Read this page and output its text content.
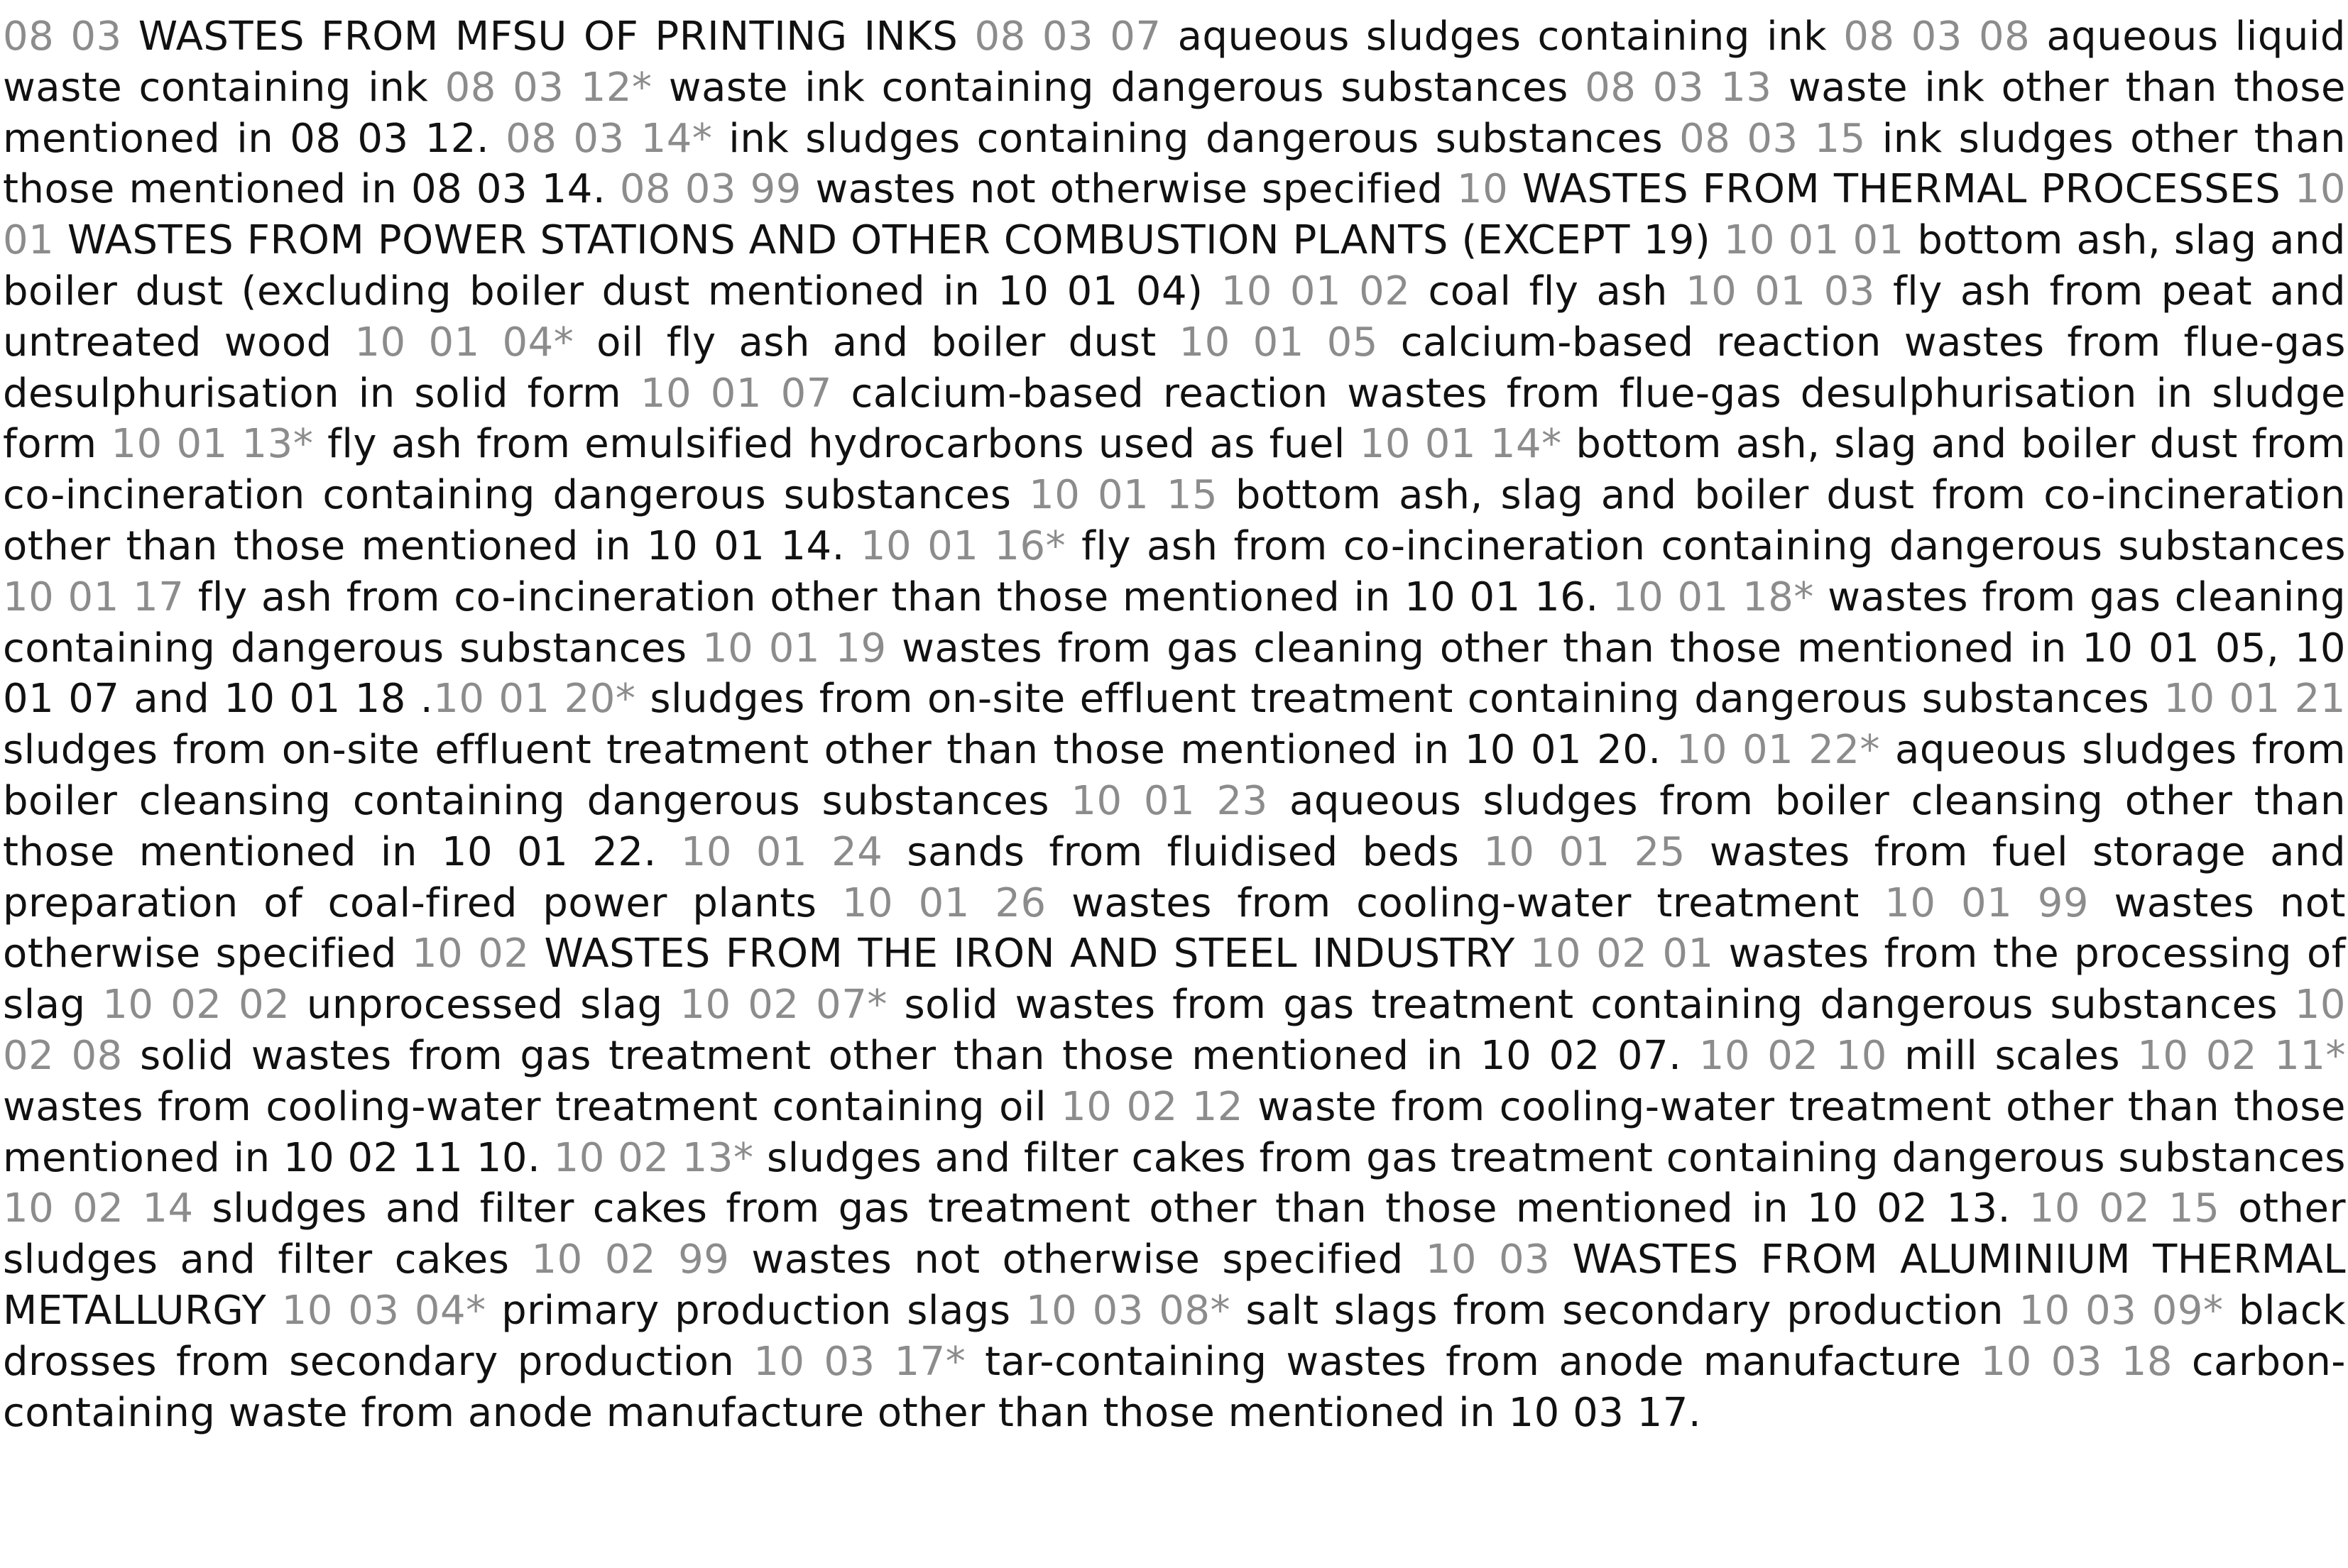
08 03 WASTES FROM MFSU OF PRINTING INKS 08 03 07 aqueous sludges containing ink 08 03 08 aqueous liquid waste containing ink 08 03 12* waste ink containing dangerous substances 08 03 13 waste ink other than those mentioned in 08 03 12. 08 03 14* ink sludges containing dangerous substances 08 03 15 ink sludges other than those mentioned in 08 03 14. 08 03 99 wastes not otherwise specified 10 WASTES FROM THERMAL PROCESSES 10 01 WASTES FROM POWER STATIONS AND OTHER COMBUSTION PLANTS (EXCEPT 19) 10 01 01 bottom ash, slag and boiler dust (excluding boiler dust mentioned in 10 01 04) 10 01 02 coal fly ash 10 01 03 fly ash from peat and untreated wood 10 01 04* oil fly ash and boiler dust 10 01 05 calcium-based reaction wastes from flue-gas desulphurisation in solid form 10 01 07 calcium-based reaction wastes from flue-gas desulphurisation in sludge form 10 01 13* fly ash from emulsified hydrocarbons used as fuel 10 01 14* bottom ash, slag and boiler dust from co-incineration containing dangerous substances 10 01 15 bottom ash, slag and boiler dust from co-incineration other than those mentioned in 10 01 14. 10 01 16* fly ash from co-incineration containing dangerous substances 10 01 17 fly ash from co-incineration other than those mentioned in 10 01 16. 10 01 18* wastes from gas cleaning containing dangerous substances 10 01 19 wastes from gas cleaning other than those mentioned in 10 01 05, 10 01 07 and 10 01 18 .10 01 20* sludges from on-site effluent treatment containing dangerous substances 10 01 21 sludges from on-site effluent treatment other than those mentioned in 10 01 20. 10 01 22* aqueous sludges from boiler cleansing containing dangerous substances 10 01 23 aqueous sludges from boiler cleansing other than those mentioned in 10 01 22. 10 01 24 sands from fluidised beds 10 01 25 wastes from fuel storage and preparation of coal-fired power plants 10 01 26 wastes from cooling-water treatment 10 01 99 wastes not otherwise specified 10 02 WASTES FROM THE IRON AND STEEL INDUSTRY 10 02 01 wastes from the processing of slag 10 02 02 unprocessed slag 10 02 07* solid wastes from gas treatment containing dangerous substances 10 02 08 solid wastes from gas treatment other than those mentioned in 10 02 07. 10 02 10 mill scales 10 02 11* wastes from cooling-water treatment containing oil 10 02 12 waste from cooling-water treatment other than those mentioned in 10 02 11 10. 10 02 13* sludges and filter cakes from gas treatment containing dangerous substances 10 02 14 sludges and filter cakes from gas treatment other than those mentioned in 10 02 13. 10 02 15 other sludges and filter cakes 10 02 99 wastes not otherwise specified 10 03 WASTES FROM ALUMINIUM THERMAL METALLURGY 10 03 04* primary production slags 10 03 08* salt slags from secondary production 10 03 09* black drosses from secondary production 10 03 17* tar-containing wastes from anode manufacture 10 03 18 carbon-containing waste from anode manufacture other than those mentioned in 10 03 17.
